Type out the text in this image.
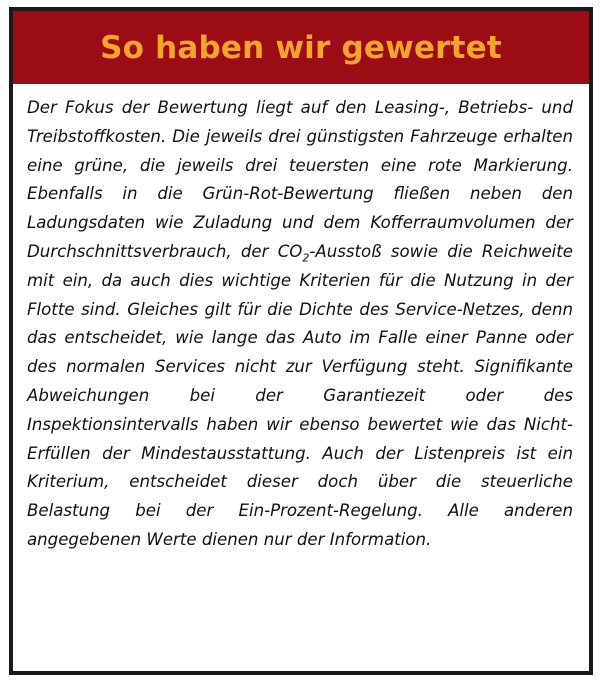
So haben wir gewertet

Der Fokus der Bewertung liegt auf den Leasing-, Betriebs- und Treibstoffkosten. Die jeweils drei günstigsten Fahrzeuge erhalten eine grüne, die jeweils drei teuersten eine rote Markierung. Ebenfalls in die Grün-Rot-Bewertung fließen neben den Ladungsdaten wie Zuladung und dem Kofferraumvolumen der Durchschnittsverbrauch, der $CO_2$-Ausstoß sowie die Reichweite mit ein, da auch dies wichtige Kriterien für die Nutzung in der Flotte sind. Gleiches gilt für die Dichte des Service-Netzes, denn das entscheidet, wie lange das Auto im Falle einer Panne oder des normalen Services nicht zur Verfügung steht. Signifikante Abweichungen bei der Garantiezeit oder des Inspektionsintervalls haben wir ebenso bewertet wie das Nicht-Erfüllen der Mindestausstattung. Auch der Listenpreis ist ein Kriterium, entscheidet dieser doch über die steuerliche Belastung bei der Ein-Prozent-Regelung. Alle anderen angegebenen Werte dienen nur der Information.
